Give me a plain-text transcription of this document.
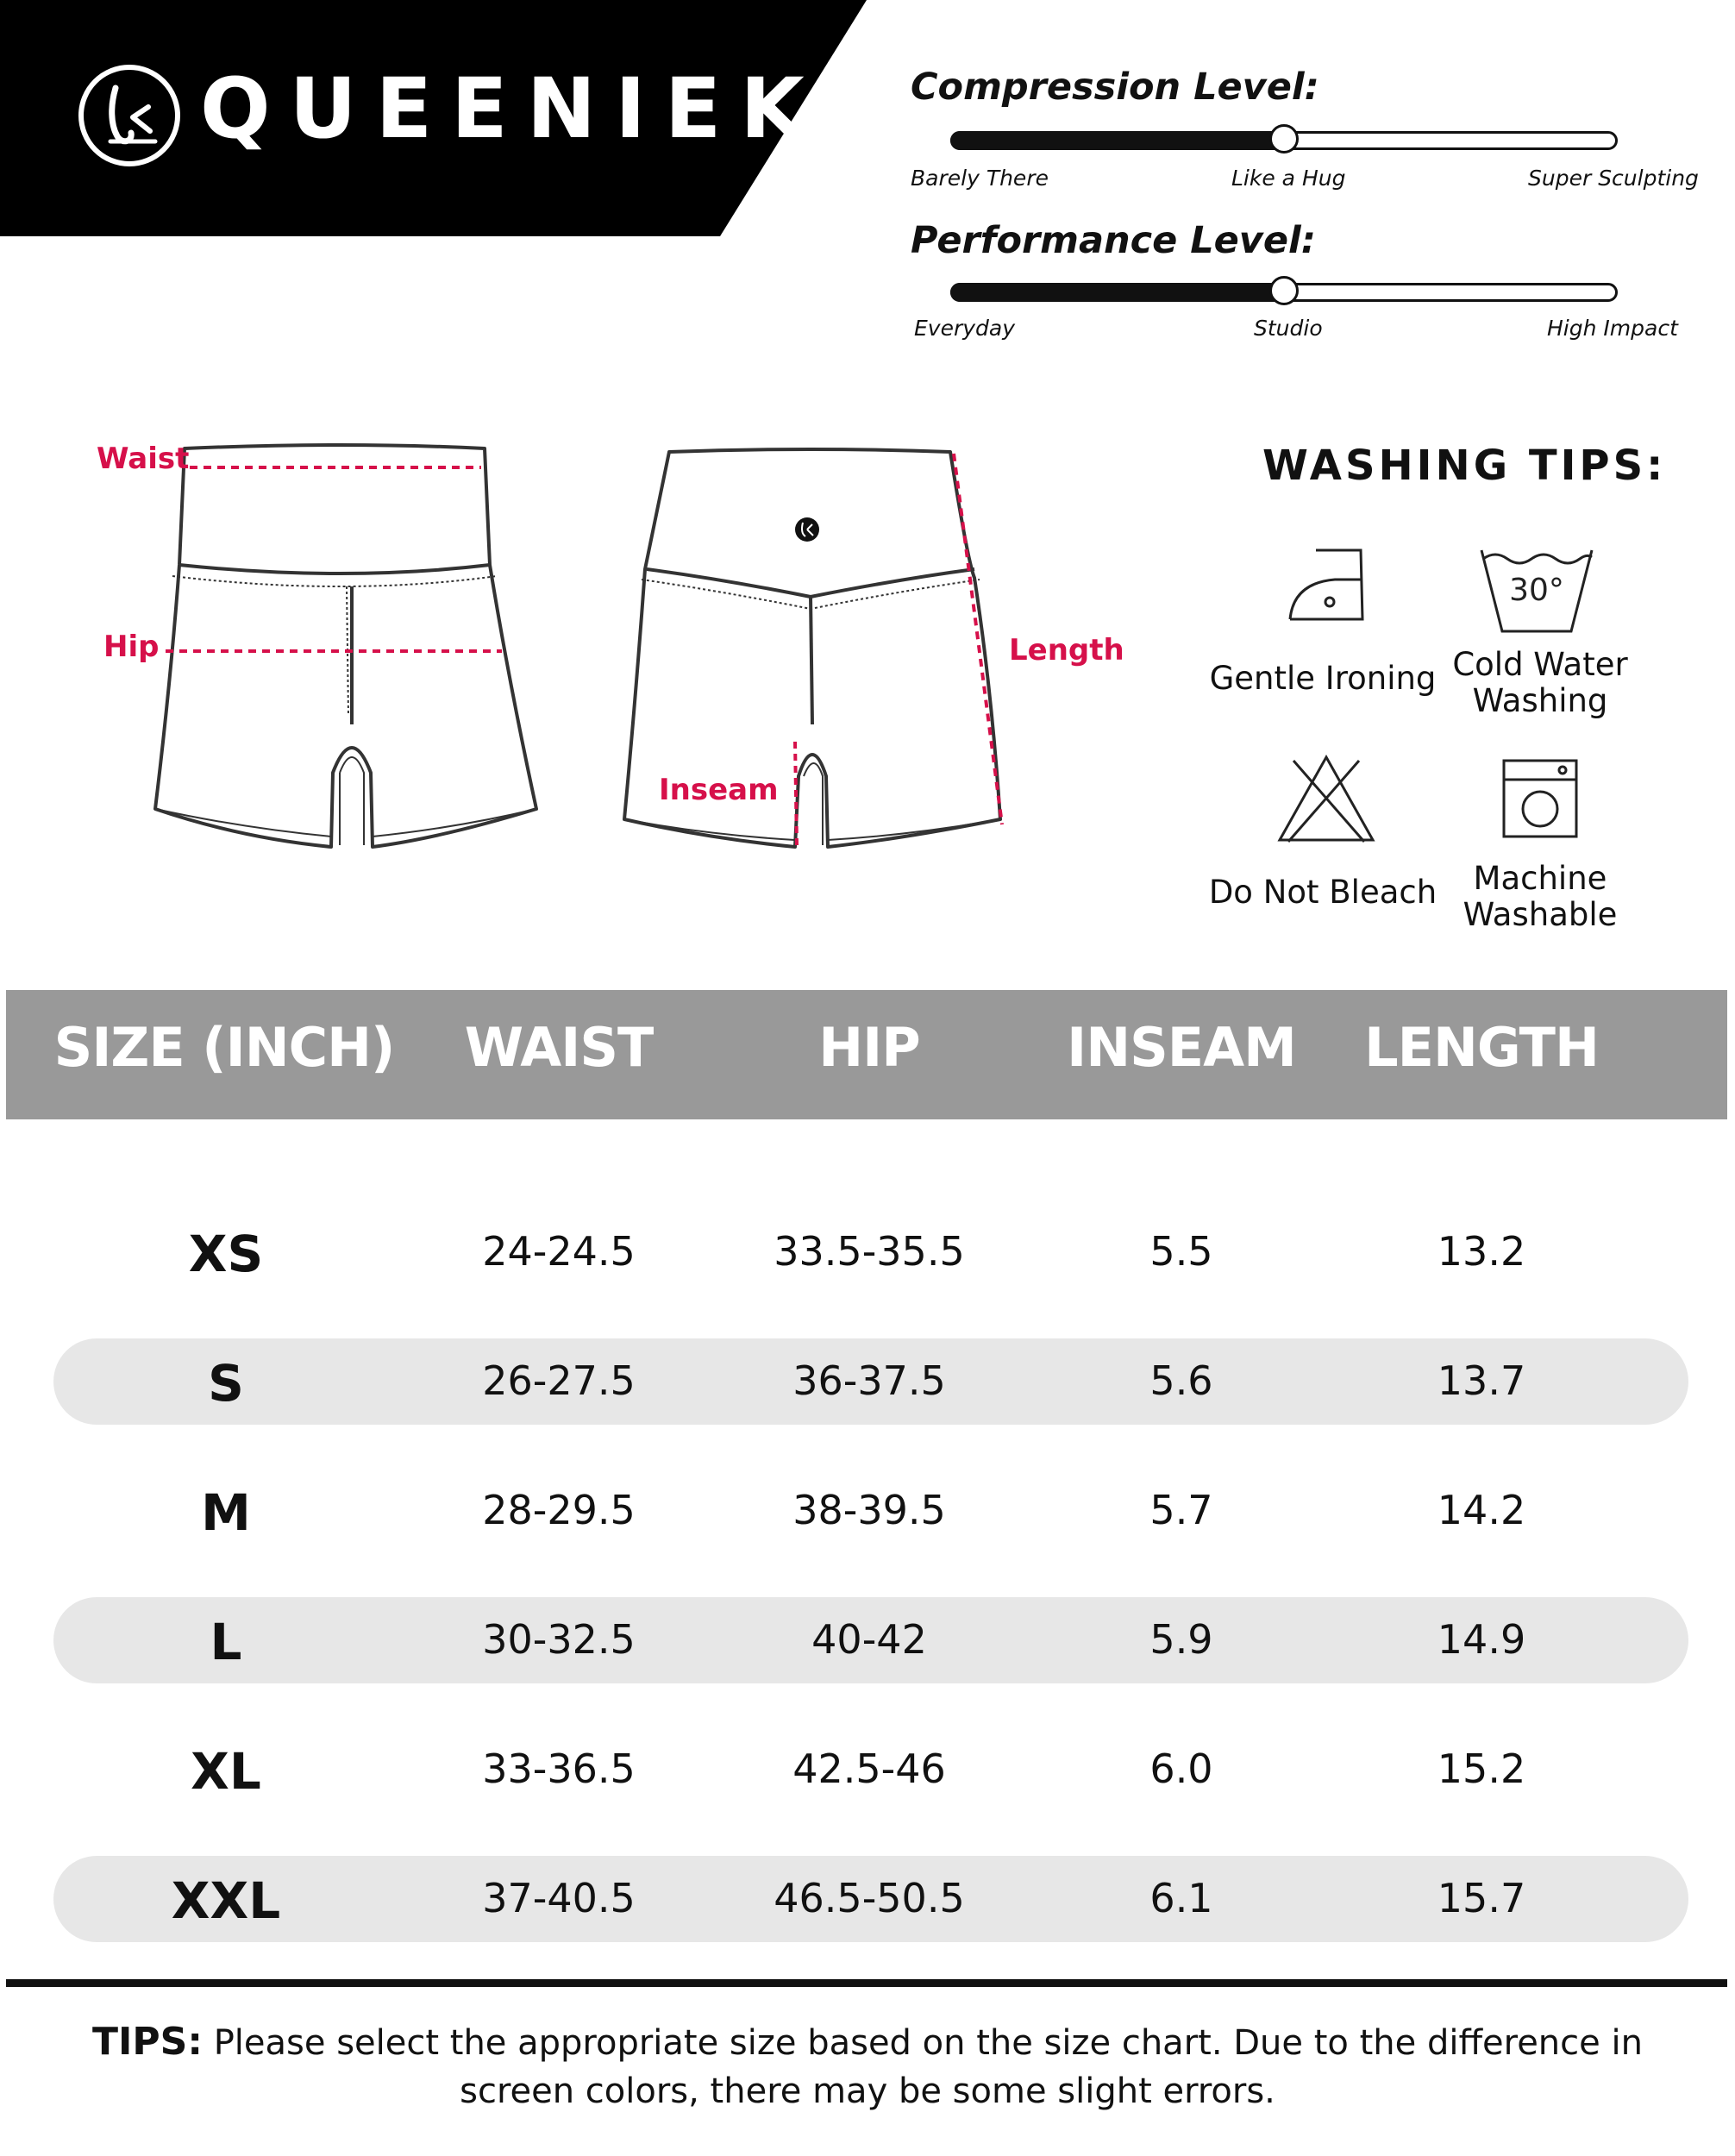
QUEENIEKE Compression Level:
Barely There	Like a Hug	Super Sculpting
Performance Level:
Everyday	Studio	High Impact
Waist
Hip	Length
Inseam
WASHING TIPS:
30°
Gentle Ironing Cold Water Washing
Do Not Bleach	Machine Washable
SIZE (INCH)	WAIST	HIP	INSEAM	LENGTH
XS	24-24.5	33.5-35.5	5.5	13.2
S	26-27.5	36-37.5	5.6	13.7
M	28-29.5	38-39.5	5.7	14.2
L	30-32.5	40-42	5.9	14.9
XL	33-36.5	42.5-46	6.0	15.2
XXL	37-40.5	46.5-50.5	6.1	15.7
TIPS: Please select the appropriate size based on the size chart. Due to the difference in screen colors, there may be some slight errors.
